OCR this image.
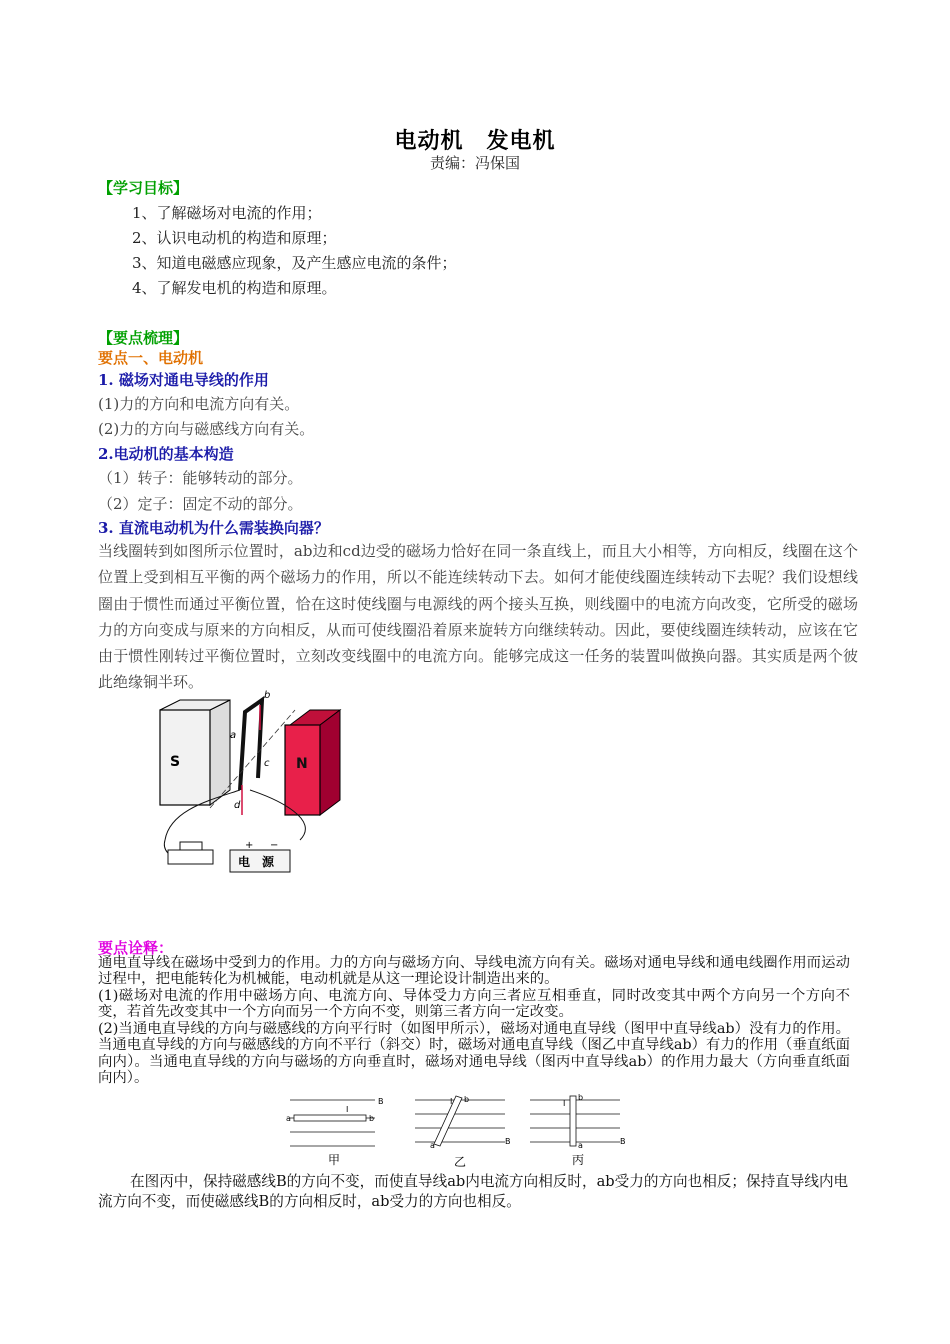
电动机　发电机
责编：冯保国
【学习目标】
1、了解磁场对电流的作用；
2、认识电动机的构造和原理；
3、知道电磁感应现象，及产生感应电流的条件；
4、了解发电机的构造和原理。
【要点梳理】
要点一、电动机
1. 磁场对通电导线的作用
(1)力的方向和电流方向有关。
(2)力的方向与磁感线方向有关。
2.电动机的基本构造
（1）转子：能够转动的部分。
（2）定子：固定不动的部分。
3. 直流电动机为什么需装换向器？
当线圈转到如图所示位置时，ab边和cd边受的磁场力恰好在同一条直线上，而且大小相等，方向相反，线圈在这个位置上受到相互平衡的两个磁场力的作用，所以不能连续转动下去。如何才能使线圈连续转动下去呢？我们设想线圈由于惯性而通过平衡位置，恰在这时使线圈与电源线的两个接头互换，则线圈中的电流方向改变，它所受的磁场力的方向变成与原来的方向相反，从而可使线圈沿着原来旋转方向继续转动。因此，要使线圈连续转动，应该在它由于惯性刚转过平衡位置时，立刻改变线圈中的电流方向。能够完成这一任务的装置叫做换向器。其实质是两个彼此绝缘铜半环。
S	N
a
b
c
d
电　源
+ −
要点诠释：
通电直导线在磁场中受到力的作用。力的方向与磁场方向、导线电流方向有关。磁场对通电导线和通电线圈作用而运动过程中，把电能转化为机械能，电动机就是从这一理论设计制造出来的。
(1)磁场对电流的作用中磁场方向、电流方向、导体受力方向三者应互相垂直，同时改变其中两个方向另一个方向不变，若首先改变其中一个方向而另一个方向不变，则第三者方向一定改变。
(2)当通电直导线的方向与磁感线的方向平行时（如图甲所示），磁场对通电直导线（图甲中直导线ab）没有力的作用。当通电直导线的方向与磁感线的方向不平行（斜交）时，磁场对通电直导线（图乙中直导线ab）有力的作用（垂直纸面向内）。当通电直导线的方向与磁场的方向垂直时，磁场对通电导线（图丙中直导线ab）的作用力最大（方向垂直纸面向内）。
a	b
I
B
甲
a
b
I
B
乙
a
b
I
B
丙
在图丙中，保持磁感线B的方向不变，而使直导线ab内电流方向相反时，ab受力的方向也相反；保持直导线内电流方向不变，而使磁感线B的方向相反时，ab受力的方向也相反。
